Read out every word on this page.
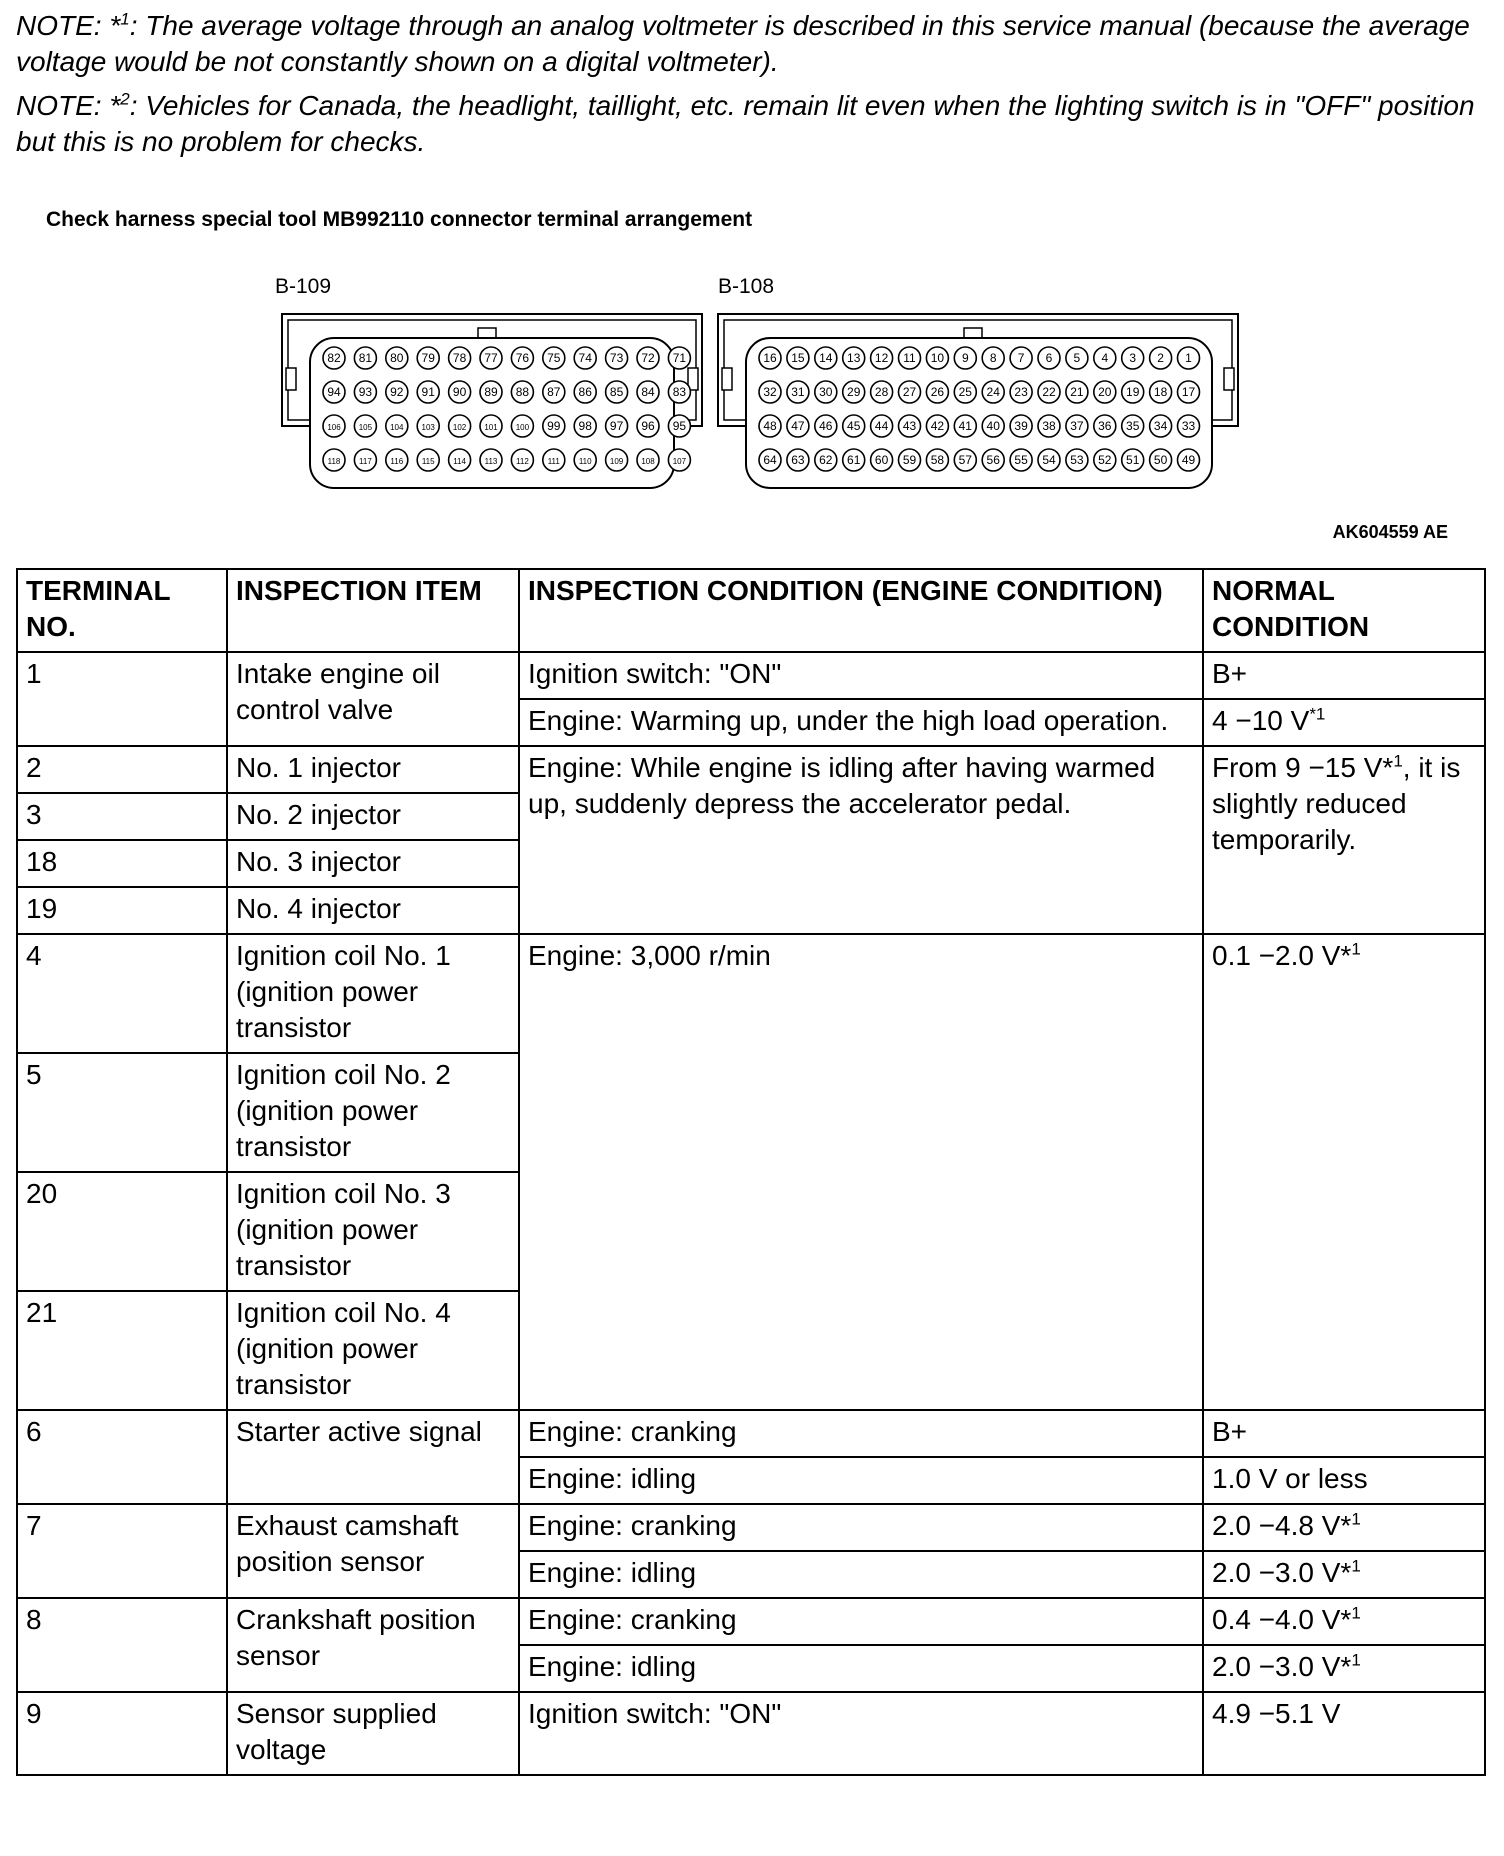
NOTE: *$^1$: The average voltage through an analog voltmeter is described in this service manual (because the average voltage would be not constantly shown on a digital voltmeter).

NOTE: *$^2$: Vehicles for Canada, the headlight, taillight, etc. remain lit even when the lighting switch is in "OFF" position but this is no problem for checks.

Check harness special tool MB992110 connector terminal arrangement

B-109	B-108
82 81 80 79 78 77 76 75 74 73 72 71
94 93 92 91 90 89 88 87 86 85 84 83
106 105 104 103 102 101 100 99 98 97 96 95
118 117 116 115 114 113 112 111 110 109 108 107
16 15 14 13 12 11 10 9 8 7 6 5 4 3 2 1
32 31 30 29 28 27 26 25 24 23 22 21 20 19 18 17
48 47 46 45 44 43 42 41 40 39 38 37 36 35 34 33
64 63 62 61 60 59 58 57 56 55 54 53 52 51 50 49
AK604559 AE
TERMINAL NO.	INSPECTION ITEM	INSPECTION CONDITION (ENGINE CONDITION)	NORMAL CONDITION
1	Intake engine oil control valve	Ignition switch: "ON"	B+
		Engine: Warming up, under the high load operation.	4 −10 $V^{*1}$
2	No. 1 injector	Engine: While engine is idling after having warmed up, suddenly depress the accelerator pedal.	From 9 −15 V*$^1$, it is slightly reduced temporarily.
3	No. 2 injector		
18	No. 3 injector		
19	No. 4 injector		
4	Ignition coil No. 1 (ignition power transistor	Engine: 3,000 r/min	0.1 −2.0 V*$^1$
5	Ignition coil No. 2 (ignition power transistor		
20	Ignition coil No. 3 (ignition power transistor		
21	Ignition coil No. 4 (ignition power transistor		
6	Starter active signal	Engine: cranking	B+
		Engine: idling	1.0 V or less
7	Exhaust camshaft position sensor	Engine: cranking	2.0 −4.8 V*$^1$
		Engine: idling	2.0 −3.0 V*$^1$
8	Crankshaft position sensor	Engine: cranking	0.4 −4.0 V*$^1$
		Engine: idling	2.0 −3.0 V*$^1$
9	Sensor supplied voltage	Ignition switch: "ON"	4.9 −5.1 V
